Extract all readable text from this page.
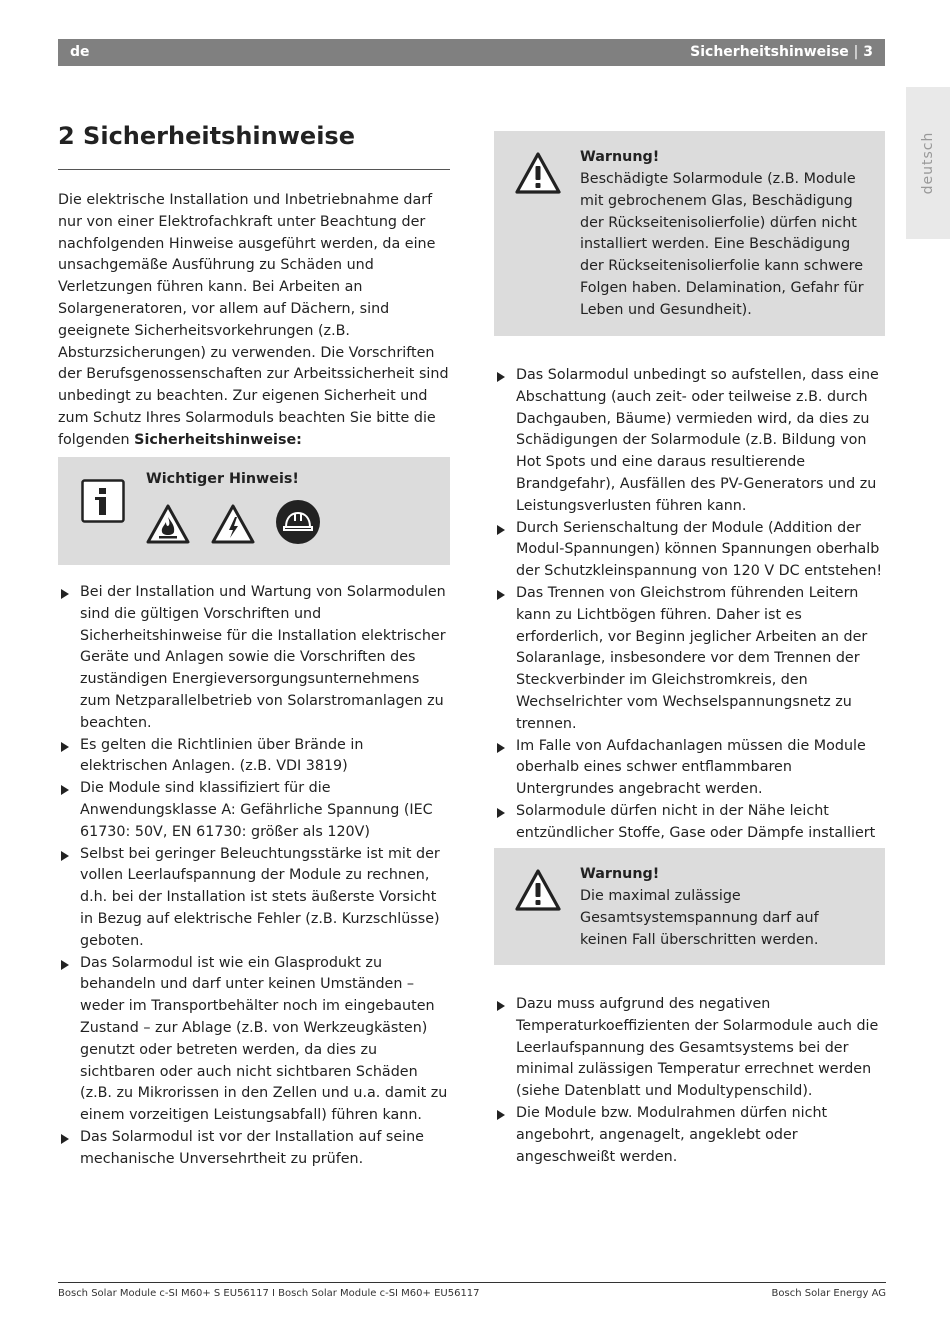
de	Sicherheitshinweise | 3
deutsch
2 Sicherheitshinweise

Die elektrische Installation und Inbetriebnahme darf nur von einer Elektrofachkraft unter Beachtung der nachfolgenden Hinweise ausgeführt werden, da eine unsachgemäße Ausführung zu Schäden und Verletzungen führen kann. Bei Arbeiten an Solargeneratoren, vor allem auf Dächern, sind geeignete Sicherheitsvorkehrungen (z.B. Absturzsicherungen) zu verwenden. Die Vorschriften der Berufsgenossenschaften zur Arbeitssicherheit sind unbedingt zu beachten. Zur eigenen Sicherheit und zum Schutz Ihres Solarmoduls beachten Sie bitte die folgenden Sicherheitshinweise:

Wichtiger Hinweis!
Bei der Installation und Wartung von Solarmodulen sind die gültigen Vorschriften und Sicherheitshinweise für die Installation elektrischer Geräte und Anlagen sowie die Vorschriften des zuständigen Energieversorgungsunternehmens zum Netzparallelbetrieb von Solarstromanlagen zu beachten.
Es gelten die Richtlinien über Brände in elektrischen Anlagen. (z.B. VDI 3819)
Die Module sind klassifiziert für die Anwendungsklasse A: Gefährliche Spannung (IEC 61730: 50V, EN 61730: größer als 120V)
Selbst bei geringer Beleuchtungsstärke ist mit der vollen Leerlaufspannung der Module zu rechnen, d.h. bei der Installation ist stets äußerste Vorsicht in Bezug auf elektrische Fehler (z.B. Kurzschlüsse) geboten.
Das Solarmodul ist wie ein Glasprodukt zu behandeln und darf unter keinen Umständen – weder im Transportbehälter noch im eingebauten Zustand – zur Ablage (z.B. von Werkzeugkästen) genutzt oder betreten werden, da dies zu sichtbaren oder auch nicht sichtbaren Schäden (z.B. zu Mikrorissen in den Zellen und u.a. damit zu einem vorzeitigen Leistungsabfall) führen kann.
Das Solarmodul ist vor der Installation auf seine mechanische Unversehrtheit zu prüfen.
Warnung!
Beschädigte Solarmodule (z.B. Module mit gebrochenem Glas, Beschädigung der Rückseitenisolierfolie) dürfen nicht installiert werden. Eine Beschädigung der Rückseitenisolierfolie kann schwere Folgen haben. Delamination, Gefahr für Leben und Gesundheit).
Das Solarmodul unbedingt so aufstellen, dass eine Abschattung (auch zeit- oder teilweise z.B. durch Dachgauben, Bäume) vermieden wird, da dies zu Schädigungen der Solarmodule (z.B. Bildung von Hot Spots und eine daraus resultierende Brandgefahr), Ausfällen des PV-Generators und zu Leistungsverlusten führen kann.
Durch Serienschaltung der Module (Addition der Modul-Spannungen) können Spannungen oberhalb der Schutzkleinspannung von 120 V DC entstehen!
Das Trennen von Gleichstrom führenden Leitern kann zu Lichtbögen führen. Daher ist es erforderlich, vor Beginn jeglicher Arbeiten an der Solaranlage, insbesondere vor dem Trennen der Steckverbinder im Gleichstromkreis, den Wechselrichter vom Wechselspannungsnetz zu trennen.
Im Falle von Aufdachanlagen müssen die Module oberhalb eines schwer entflammbaren Untergrundes angebracht werden.
Solarmodule dürfen nicht in der Nähe leicht entzündlicher Stoffe, Gase oder Dämpfe installiert
Warnung!
Die maximal zulässige Gesamtsystemspannung darf auf keinen Fall überschritten werden.
Dazu muss aufgrund des negativen Temperaturkoeffizienten der Solarmodule auch die Leerlaufspannung des Gesamtsystems bei der minimal zulässigen Temperatur errechnet werden (siehe Datenblatt und Modultypenschild).
Die Module bzw. Modulrahmen dürfen nicht angebohrt, angenagelt, angeklebt oder angeschweißt werden.
Bosch Solar Module c-SI M60+ S EU56117 I Bosch Solar Module c-SI M60+ EU56117	Bosch Solar Energy AG
